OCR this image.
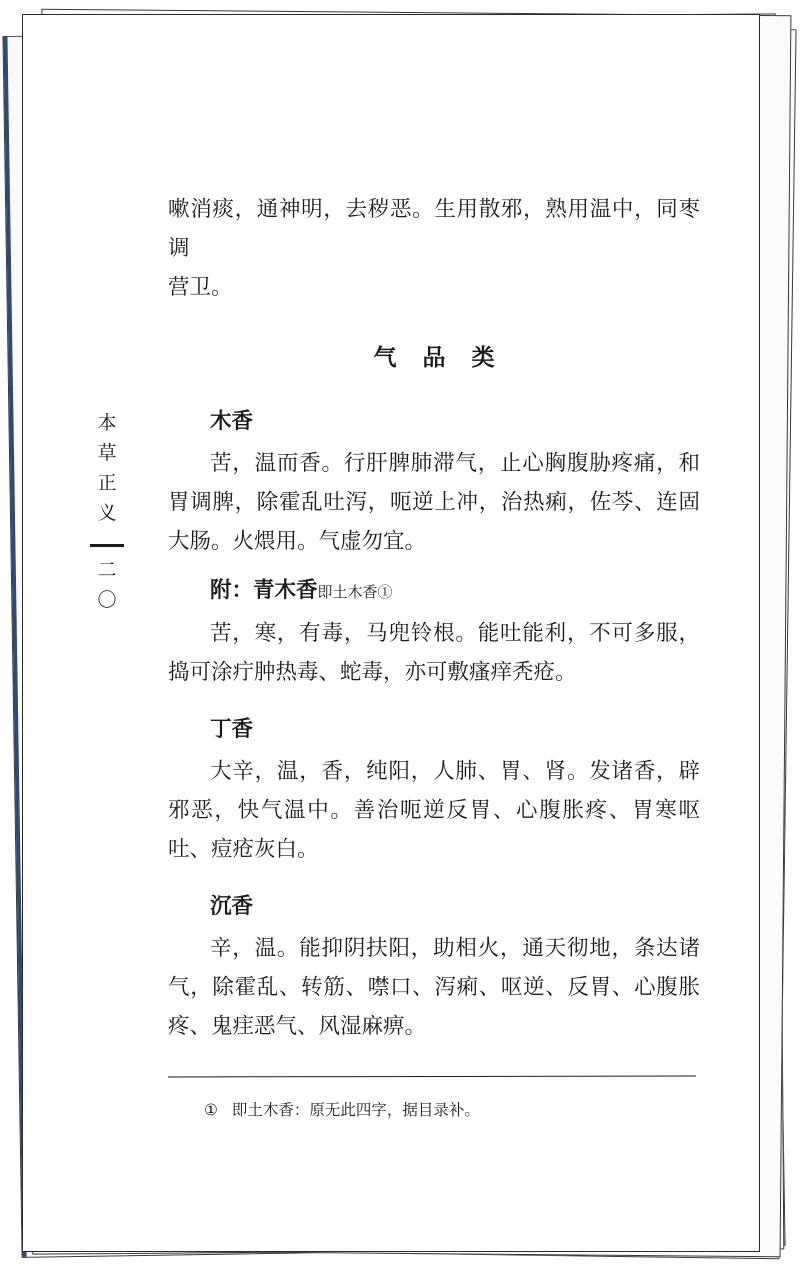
本
草
正
义
二
〇

嗽消痰，通神明，去秽恶。生用散邪，熟用温中，同枣调
营卫。

气品类
木香

苦，温而香。行肝脾肺滞气，止心胸腹胁疼痛，和胃调脾，除霍乱吐泻，呃逆上冲，治热痢，佐芩、连固大肠。火煨用。气虚勿宜。

附：青木香即土木香①

苦，寒，有毒，马兜铃根。能吐能利，不可多服，捣可涂疔肿热毒、蛇毒，亦可敷瘙痒秃疮。

丁香

大辛，温，香，纯阳，人肺、胃、肾。发诸香，辟邪恶，快气温中。善治呃逆反胃、心腹胀疼、胃寒呕吐、痘疮灰白。

沉香

辛，温。能抑阴扶阳，助相火，通天彻地，条达诸气，除霍乱、转筋、噤口、泻痢、呕逆、反胃、心腹胀疼、鬼疰恶气、风湿麻痹。

① 即土木香：原无此四字，据目录补。
